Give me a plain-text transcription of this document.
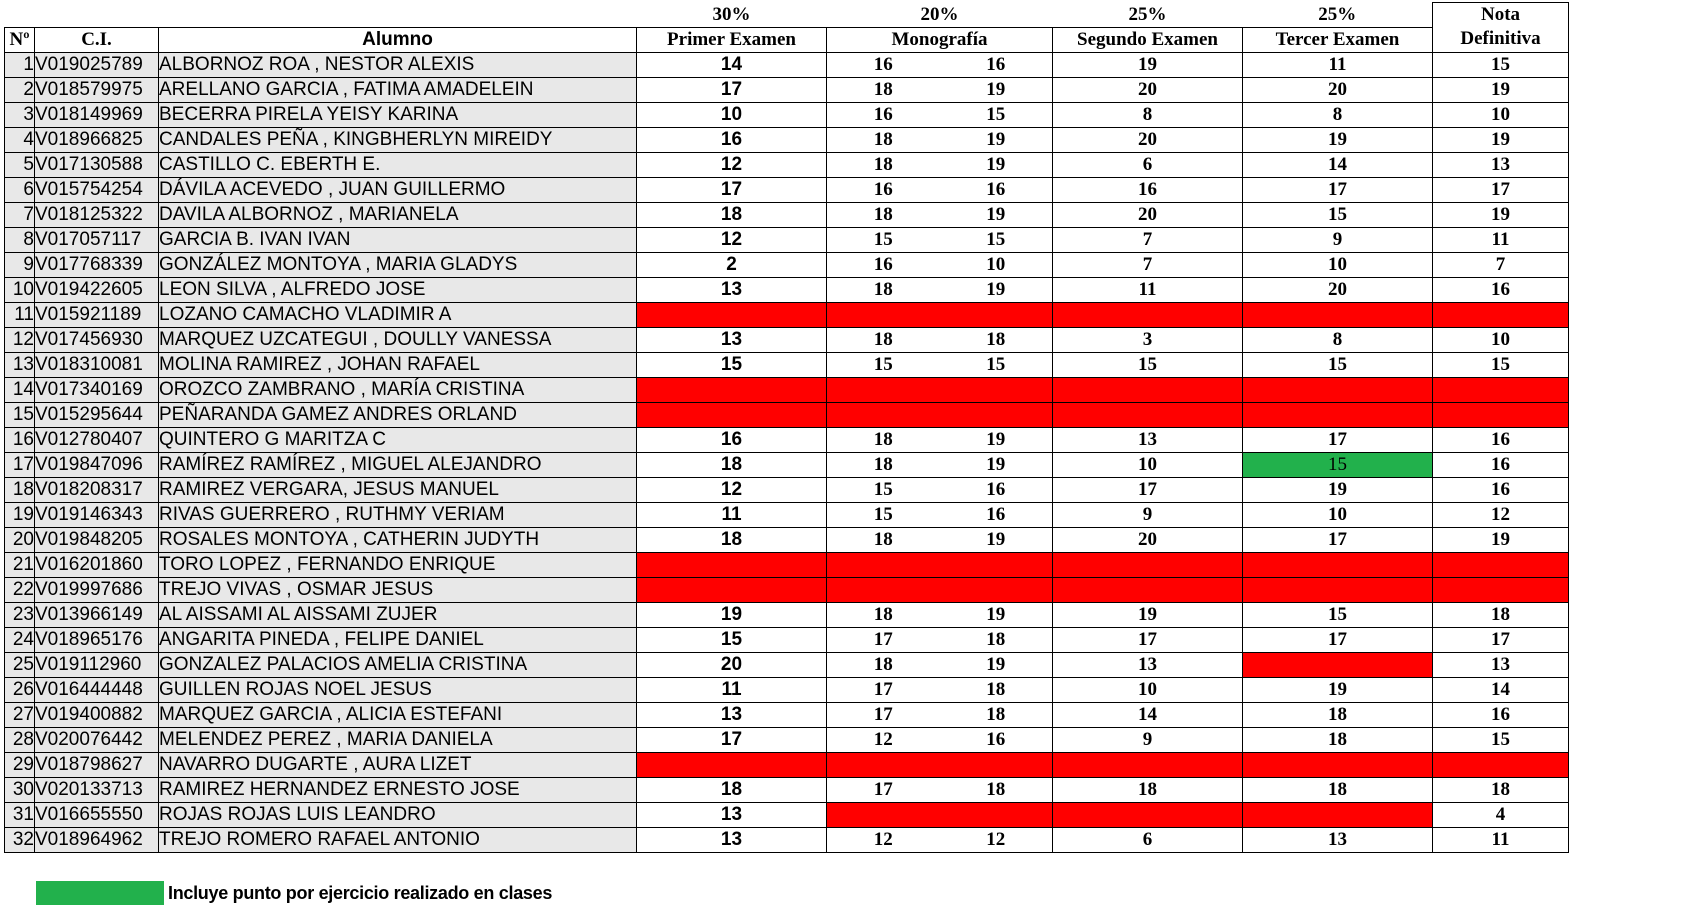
			30%	20%		25%	25%	Nota
Nº	C.I.	Alumno	Primer Examen	Monografía		Segundo Examen	Tercer Examen	Definitiva
1	V019025789	ALBORNOZ ROA , NESTOR ALEXIS	14	16	16	19	11	15
2	V018579975	ARELLANO GARCIA , FATIMA AMADELEIN	17	18	19	20	20	19
3	V018149969	BECERRA PIRELA YEISY KARINA	10	16	15	8	8	10
4	V018966825	CANDALES PEÑA , KINGBHERLYN MIREIDY	16	18	19	20	19	19
5	V017130588	CASTILLO C. EBERTH E.	12	18	19	6	14	13
6	V015754254	DÁVILA ACEVEDO , JUAN GUILLERMO	17	16	16	16	17	17
7	V018125322	DAVILA ALBORNOZ , MARIANELA	18	18	19	20	15	19
8	V017057117	GARCIA B. IVAN IVAN	12	15	15	7	9	11
9	V017768339	GONZÁLEZ MONTOYA , MARIA GLADYS	2	16	10	7	10	7
10	V019422605	LEON SILVA , ALFREDO JOSE	13	18	19	11	20	16
11	V015921189	LOZANO CAMACHO VLADIMIR A						
12	V017456930	MARQUEZ UZCATEGUI , DOULLY VANESSA	13	18	18	3	8	10
13	V018310081	MOLINA RAMIREZ , JOHAN RAFAEL	15	15	15	15	15	15
14	V017340169	OROZCO ZAMBRANO , MARÍA CRISTINA						
15	V015295644	PEÑARANDA GAMEZ ANDRES ORLAND						
16	V012780407	QUINTERO G MARITZA C	16	18	19	13	17	16
17	V019847096	RAMÍREZ RAMÍREZ , MIGUEL ALEJANDRO	18	18	19	10	15	16
18	V018208317	RAMIREZ VERGARA, JESUS MANUEL	12	15	16	17	19	16
19	V019146343	RIVAS GUERRERO , RUTHMY VERIAM	11	15	16	9	10	12
20	V019848205	ROSALES MONTOYA , CATHERIN JUDYTH	18	18	19	20	17	19
21	V016201860	TORO LOPEZ , FERNANDO ENRIQUE						
22	V019997686	TREJO VIVAS , OSMAR JESUS						
23	V013966149	AL AISSAMI AL AISSAMI ZUJER	19	18	19	19	15	18
24	V018965176	ANGARITA PINEDA , FELIPE DANIEL	15	17	18	17	17	17
25	V019112960	GONZALEZ PALACIOS AMELIA CRISTINA	20	18	19	13		13
26	V016444448	GUILLEN ROJAS NOEL JESUS	11	17	18	10	19	14
27	V019400882	MARQUEZ GARCIA , ALICIA ESTEFANI	13	17	18	14	18	16
28	V020076442	MELENDEZ PEREZ , MARIA DANIELA	17	12	16	9	18	15
29	V018798627	NAVARRO DUGARTE , AURA LIZET						
30	V020133713	RAMIREZ HERNANDEZ ERNESTO JOSE	18	17	18	18	18	18
31	V016655550	ROJAS ROJAS LUIS LEANDRO	13					4
32	V018964962	TREJO ROMERO RAFAEL ANTONIO	13	12	12	6	13	11
Incluye punto por ejercicio realizado en clases
